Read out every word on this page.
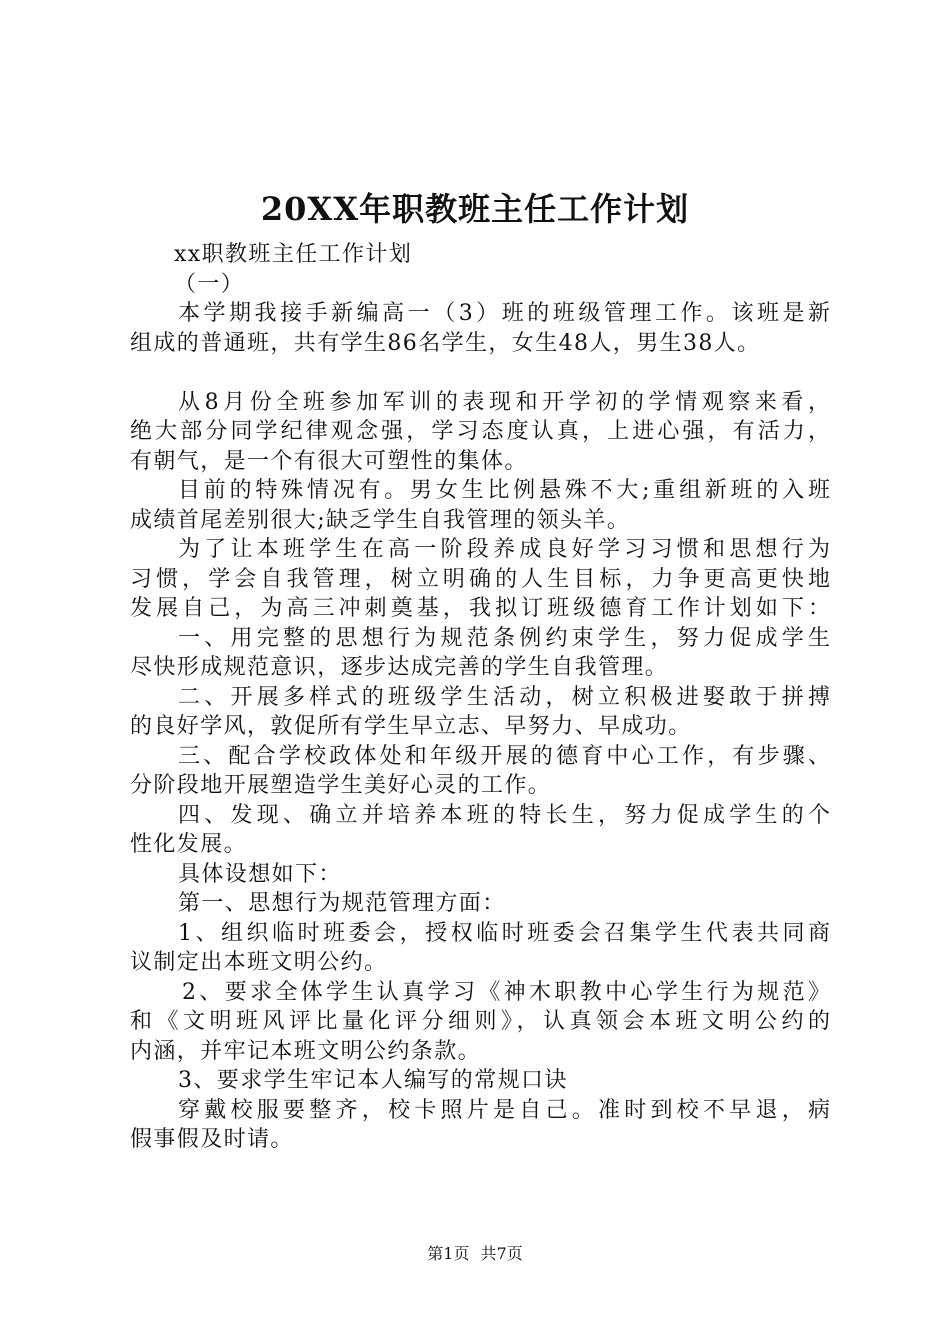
20XX年职教班主任工作计划
xx职教班主任工作计划
（一）
本学期我接手新编高一（3）班的班级管理工作。该班是新
组成的普通班，共有学生86名学生，女生48人，男生38人。
从8月份全班参加军训的表现和开学初的学情观察来看，
绝大部分同学纪律观念强，学习态度认真，上进心强，有活力，
有朝气，是一个有很大可塑性的集体。
目前的特殊情况有。男女生比例悬殊不大;重组新班的入班
成绩首尾差别很大;缺乏学生自我管理的领头羊。
为了让本班学生在高一阶段养成良好学习习惯和思想行为
习惯，学会自我管理，树立明确的人生目标，力争更高更快地
发展自己，为高三冲刺奠基，我拟订班级德育工作计划如下：
一、用完整的思想行为规范条例约束学生，努力促成学生
尽快形成规范意识，逐步达成完善的学生自我管理。
二、开展多样式的班级学生活动，树立积极进娶敢于拼搏
的良好学风，敦促所有学生早立志、早努力、早成功。
三、配合学校政体处和年级开展的德育中心工作，有步骤、
分阶段地开展塑造学生美好心灵的工作。
四、发现、确立并培养本班的特长生，努力促成学生的个
性化发展。
具体设想如下：
第一、思想行为规范管理方面：
1、组织临时班委会，授权临时班委会召集学生代表共同商
议制定出本班文明公约。
2、要求全体学生认真学习《神木职教中心学生行为规范》
和《文明班风评比量化评分细则》，认真领会本班文明公约的
内涵，并牢记本班文明公约条款。
3、要求学生牢记本人编写的常规口诀
穿戴校服要整齐，校卡照片是自己。准时到校不早退，病
假事假及时请。
第1页 共7页
